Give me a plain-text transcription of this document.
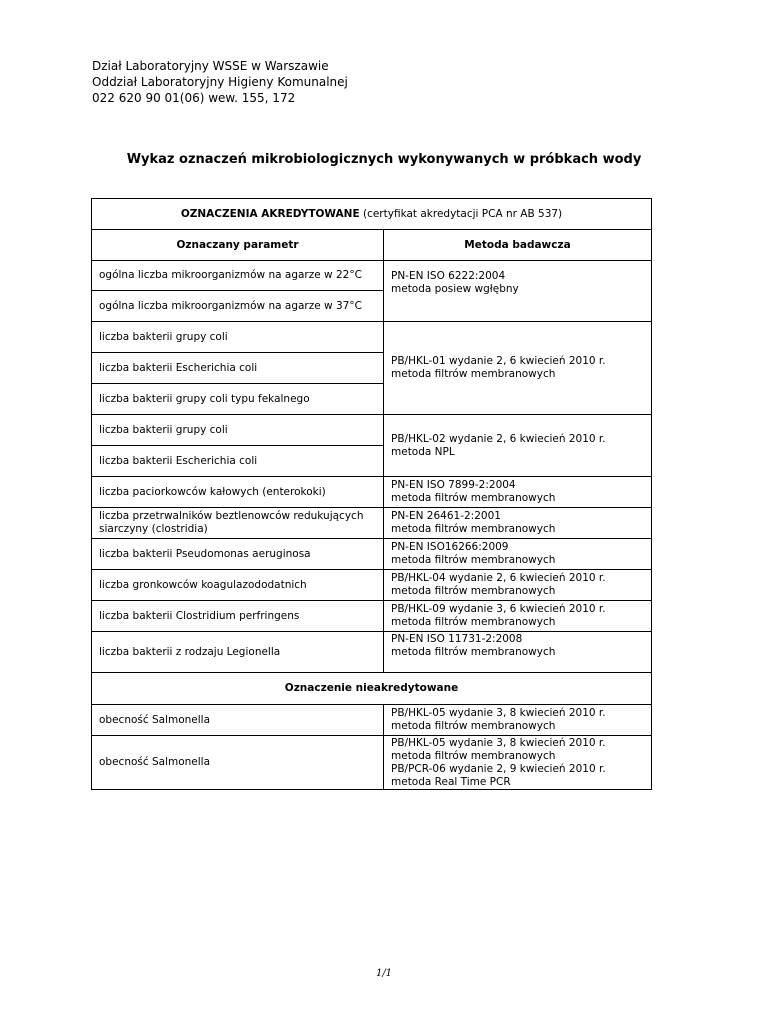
Dział Laboratoryjny WSSE w Warszawie
Oddział Laboratoryjny Higieny Komunalnej
022 620 90 01(06) wew. 155, 172
Wykaz oznaczeń mikrobiologicznych wykonywanych w próbkach wody
OZNACZENIA AKREDYTOWANE (certyfikat akredytacji PCA nr AB 537)	
Oznaczany parametr	Metoda badawcza
ogólna liczba mikroorganizmów na agarze w 22°C	PN-EN ISO 6222:2004
metoda posiew wgłębny

ogólna liczba mikroorganizmów na agarze w 37°C	
liczba bakterii grupy coli	PB/HKL-01 wydanie 2, 6 kwiecień 2010 r.
metoda filtrów membranowych

liczba bakterii Escherichia coli	
liczba bakterii grupy coli typu fekalnego	
liczba bakterii grupy coli	PB/HKL-02 wydanie 2, 6 kwiecień 2010 r.
metoda NPL

liczba bakterii Escherichia coli	
liczba paciorkowców kałowych (enterokoki)	PN-EN ISO 7899-2:2004
metoda filtrów membranowych

liczba przetrwalników beztlenowców redukujących siarczyny (clostridia)	PN-EN 26461-2:2001
metoda filtrów membranowych

liczba bakterii Pseudomonas aeruginosa	PN-EN ISO16266:2009
metoda filtrów membranowych

liczba gronkowców koagulazododatnich	PB/HKL-04 wydanie 2, 6 kwiecień 2010 r.
metoda filtrów membranowych

liczba bakterii Clostridium perfringens	PB/HKL-09 wydanie 3, 6 kwiecień 2010 r.
metoda filtrów membranowych

liczba bakterii z rodzaju Legionella	PN-EN ISO 11731-2:2008
metoda filtrów membranowych

Oznaczenie nieakredytowane	
obecność Salmonella	PB/HKL-05 wydanie 3, 8 kwiecień 2010 r.
metoda filtrów membranowych

obecność Salmonella	PB/HKL-05 wydanie 3, 8 kwiecień 2010 r.
metoda filtrów membranowych
PB/PCR-06 wydanie 2, 9 kwiecień 2010 r.
metoda Real Time PCR
1/1
